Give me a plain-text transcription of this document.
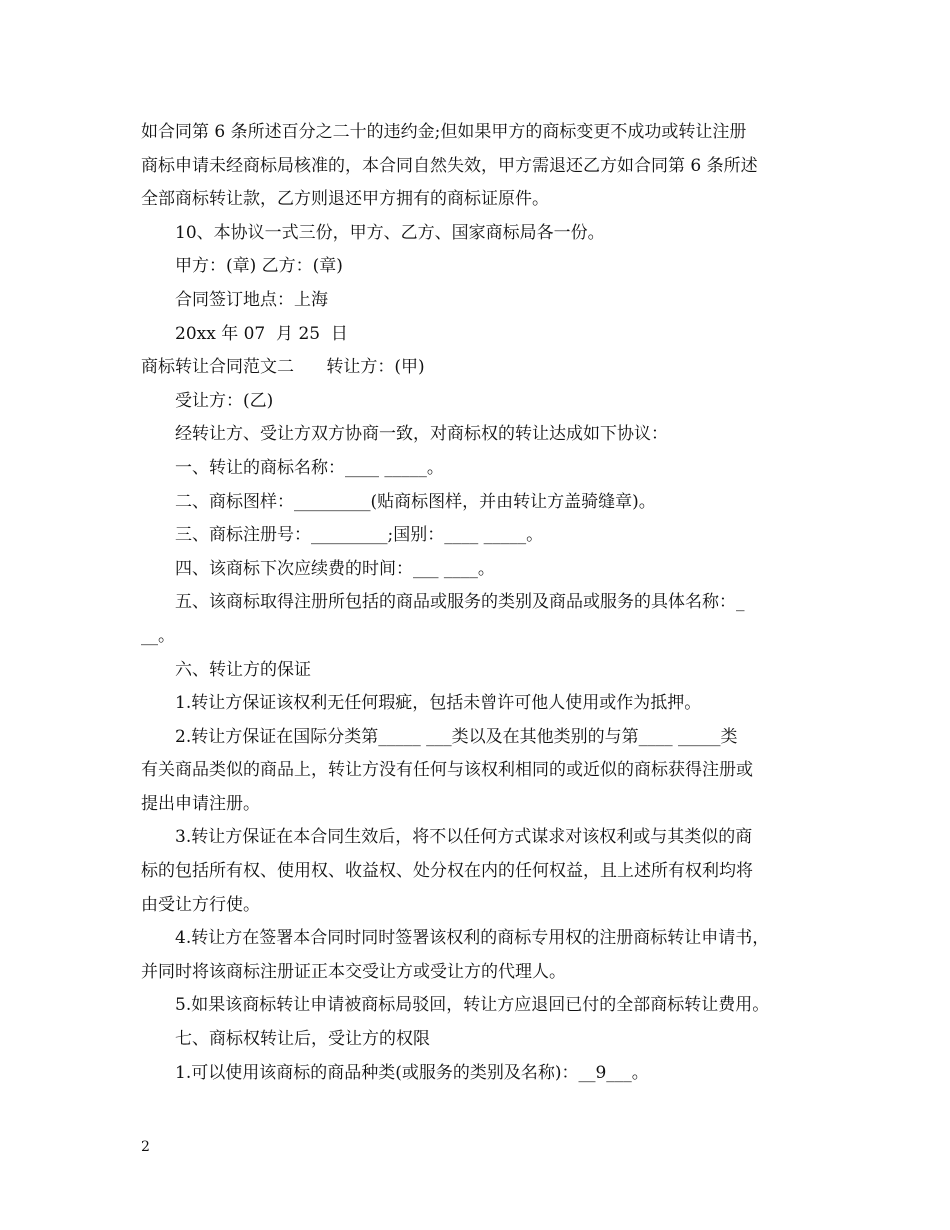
如合同第 6 条所述百分之二十的违约金;但如果甲方的商标变更不成功或转让注册
商标申请未经商标局核准的，本合同自然失效，甲方需退还乙方如合同第 6 条所述
全部商标转让款，乙方则退还甲方拥有的商标证原件。
10、本协议一式三份，甲方、乙方、国家商标局各一份。
甲方：(章) 乙方：(章)
合同签订地点：上海
20xx 年 07  月 25  日
商标转让合同范文二      转让方：(甲)
受让方：(乙)
经转让方、受让方双方协商一致，对商标权的转让达成如下协议：
一、转让的商标名称：____ _____。
二、商标图样：_________(贴商标图样，并由转让方盖骑缝章)。
三、商标注册号：_________;国别：____ _____。
四、该商标下次应续费的时间：___ ____。
五、该商标取得注册所包括的商品或服务的类别及商品或服务的具体名称：_
__。
六、转让方的保证
1.转让方保证该权利无任何瑕疵，包括未曾许可他人使用或作为抵押。
2.转让方保证在国际分类第_____ ___类以及在其他类别的与第____ _____类
有关商品类似的商品上，转让方没有任何与该权利相同的或近似的商标获得注册或
提出申请注册。
3.转让方保证在本合同生效后，将不以任何方式谋求对该权利或与其类似的商
标的包括所有权、使用权、收益权、处分权在内的任何权益，且上述所有权利均将
由受让方行使。
4.转让方在签署本合同时同时签署该权利的商标专用权的注册商标转让申请书，
并同时将该商标注册证正本交受让方或受让方的代理人。
5.如果该商标转让申请被商标局驳回，转让方应退回已付的全部商标转让费用。
七、商标权转让后，受让方的权限
1.可以使用该商标的商品种类(或服务的类别及名称)：__9___。
2
